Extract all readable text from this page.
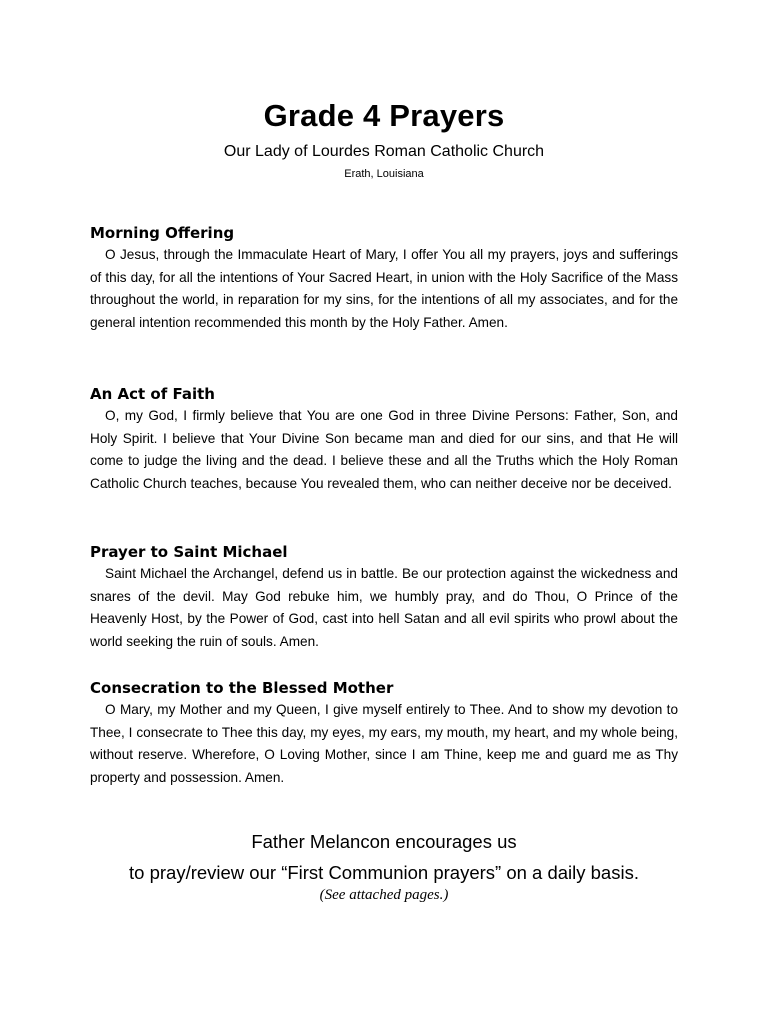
Grade 4 Prayers
Our Lady of Lourdes Roman Catholic Church
Erath, Louisiana
Morning Offering

O Jesus, through the Immaculate Heart of Mary, I offer You all my prayers, joys and sufferings of this day, for all the intentions of Your Sacred Heart, in union with the Holy Sacrifice of the Mass throughout the world, in reparation for my sins, for the intentions of all my associates, and for the general intention recommended this month by the Holy Father. Amen.

An Act of Faith

O, my God, I firmly believe that You are one God in three Divine Persons: Father, Son, and Holy Spirit. I believe that Your Divine Son became man and died for our sins, and that He will come to judge the living and the dead. I believe these and all the Truths which the Holy Roman Catholic Church teaches, because You revealed them, who can neither deceive nor be deceived.

Prayer to Saint Michael

Saint Michael the Archangel, defend us in battle. Be our protection against the wickedness and snares of the devil. May God rebuke him, we humbly pray, and do Thou, O Prince of the Heavenly Host, by the Power of God, cast into hell Satan and all evil spirits who prowl about the world seeking the ruin of souls. Amen.

Consecration to the Blessed Mother

O Mary, my Mother and my Queen, I give myself entirely to Thee. And to show my devotion to Thee, I consecrate to Thee this day, my eyes, my ears, my mouth, my heart, and my whole being, without reserve. Wherefore, O Loving Mother, since I am Thine, keep me and guard me as Thy property and possession. Amen.

Father Melancon encourages us
to pray/review our “First Communion prayers” on a daily basis.
(See attached pages.)
